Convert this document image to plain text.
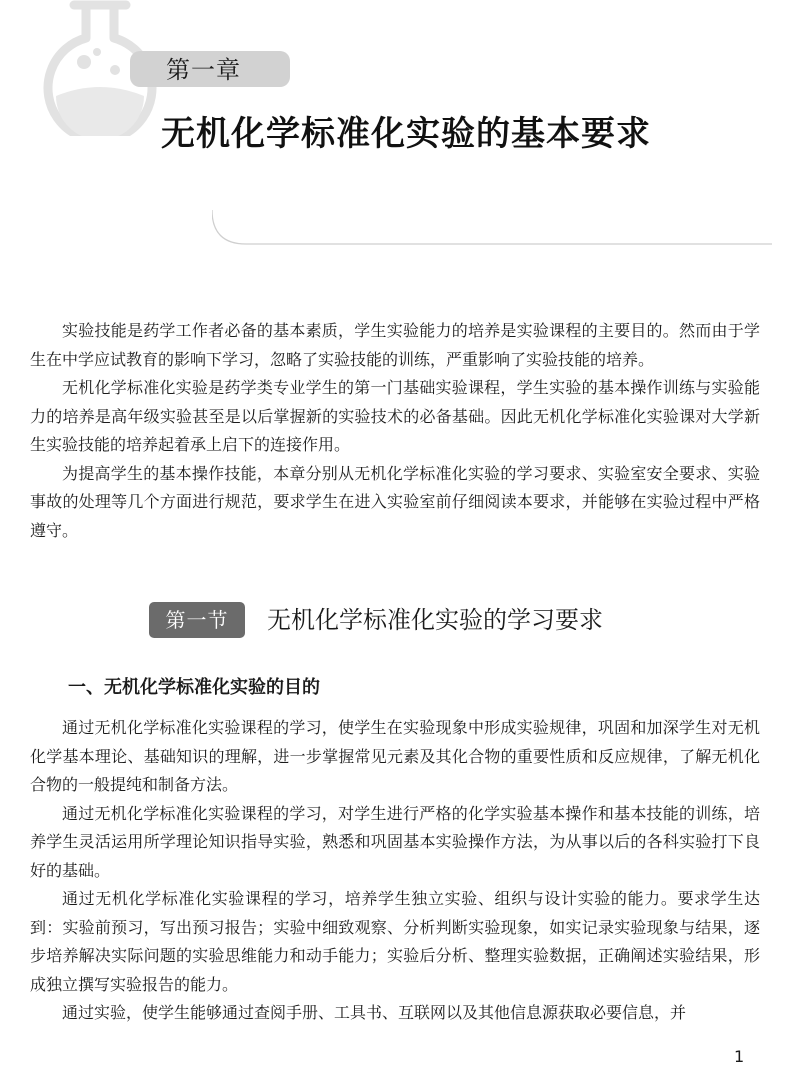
第一章
无机化学标准化实验的基本要求

实验技能是药学工作者必备的基本素质，学生实验能力的培养是实验课程的主要目的。然而由于学生在中学应试教育的影响下学习，忽略了实验技能的训练，严重影响了实验技能的培养。

无机化学标准化实验是药学类专业学生的第一门基础实验课程，学生实验的基本操作训练与实验能力的培养是高年级实验甚至是以后掌握新的实验技术的必备基础。因此无机化学标准化实验课对大学新生实验技能的培养起着承上启下的连接作用。

为提高学生的基本操作技能，本章分别从无机化学标准化实验的学习要求、实验室安全要求、实验事故的处理等几个方面进行规范，要求学生在进入实验室前仔细阅读本要求，并能够在实验过程中严格遵守。

第一节	无机化学标准化实验的学习要求
一、无机化学标准化实验的目的

通过无机化学标准化实验课程的学习，使学生在实验现象中形成实验规律，巩固和加深学生对无机化学基本理论、基础知识的理解，进一步掌握常见元素及其化合物的重要性质和反应规律，了解无机化合物的一般提纯和制备方法。

通过无机化学标准化实验课程的学习，对学生进行严格的化学实验基本操作和基本技能的训练，培养学生灵活运用所学理论知识指导实验，熟悉和巩固基本实验操作方法，为从事以后的各科实验打下良好的基础。

通过无机化学标准化实验课程的学习，培养学生独立实验、组织与设计实验的能力。要求学生达到：实验前预习，写出预习报告；实验中细致观察、分析判断实验现象，如实记录实验现象与结果，逐步培养解决实际问题的实验思维能力和动手能力；实验后分析、整理实验数据，正确阐述实验结果，形成独立撰写实验报告的能力。

通过实验，使学生能够通过查阅手册、工具书、互联网以及其他信息源获取必要信息，并

1
